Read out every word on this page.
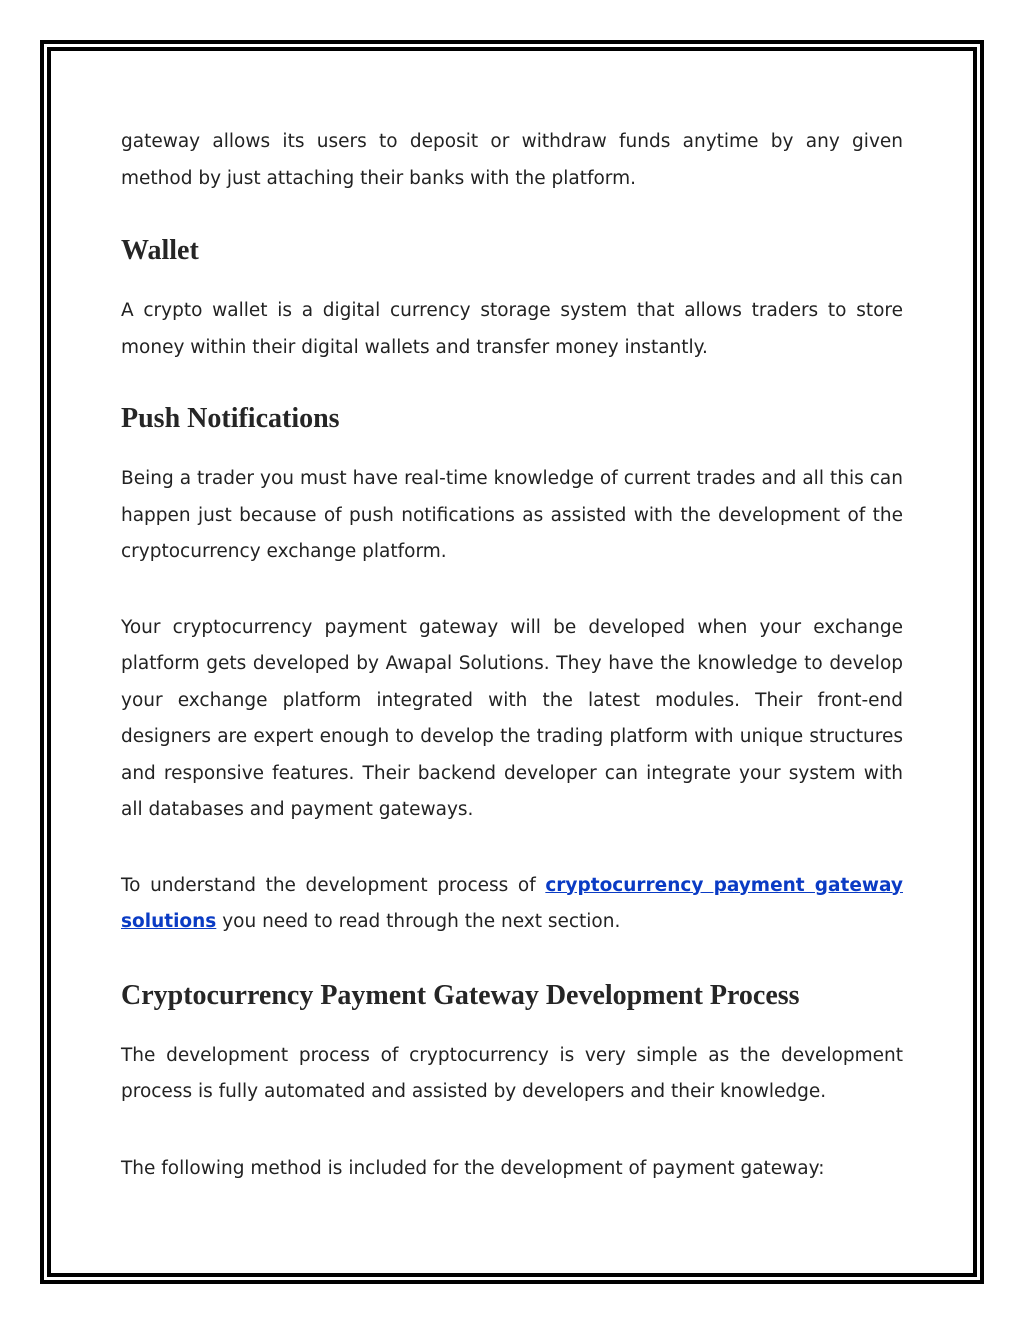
gateway allows its users to deposit or withdraw funds anytime by any given method by just attaching their banks with the platform.

Wallet

A crypto wallet is a digital currency storage system that allows traders to store money within their digital wallets and transfer money instantly.

Push Notifications

Being a trader you must have real-time knowledge of current trades and all this can happen just because of push notifications as assisted with the development of the cryptocurrency exchange platform.

Your cryptocurrency payment gateway will be developed when your exchange platform gets developed by Awapal Solutions. They have the knowledge to develop your exchange platform integrated with the latest modules. Their front-end designers are expert enough to develop the trading platform with unique structures and responsive features. Their backend developer can integrate your system with all databases and payment gateways.

To understand the development process of cryptocurrency payment gateway solutions you need to read through the next section.

Cryptocurrency Payment Gateway Development Process

The development process of cryptocurrency is very simple as the development process is fully automated and assisted by developers and their knowledge.

The following method is included for the development of payment gateway:
